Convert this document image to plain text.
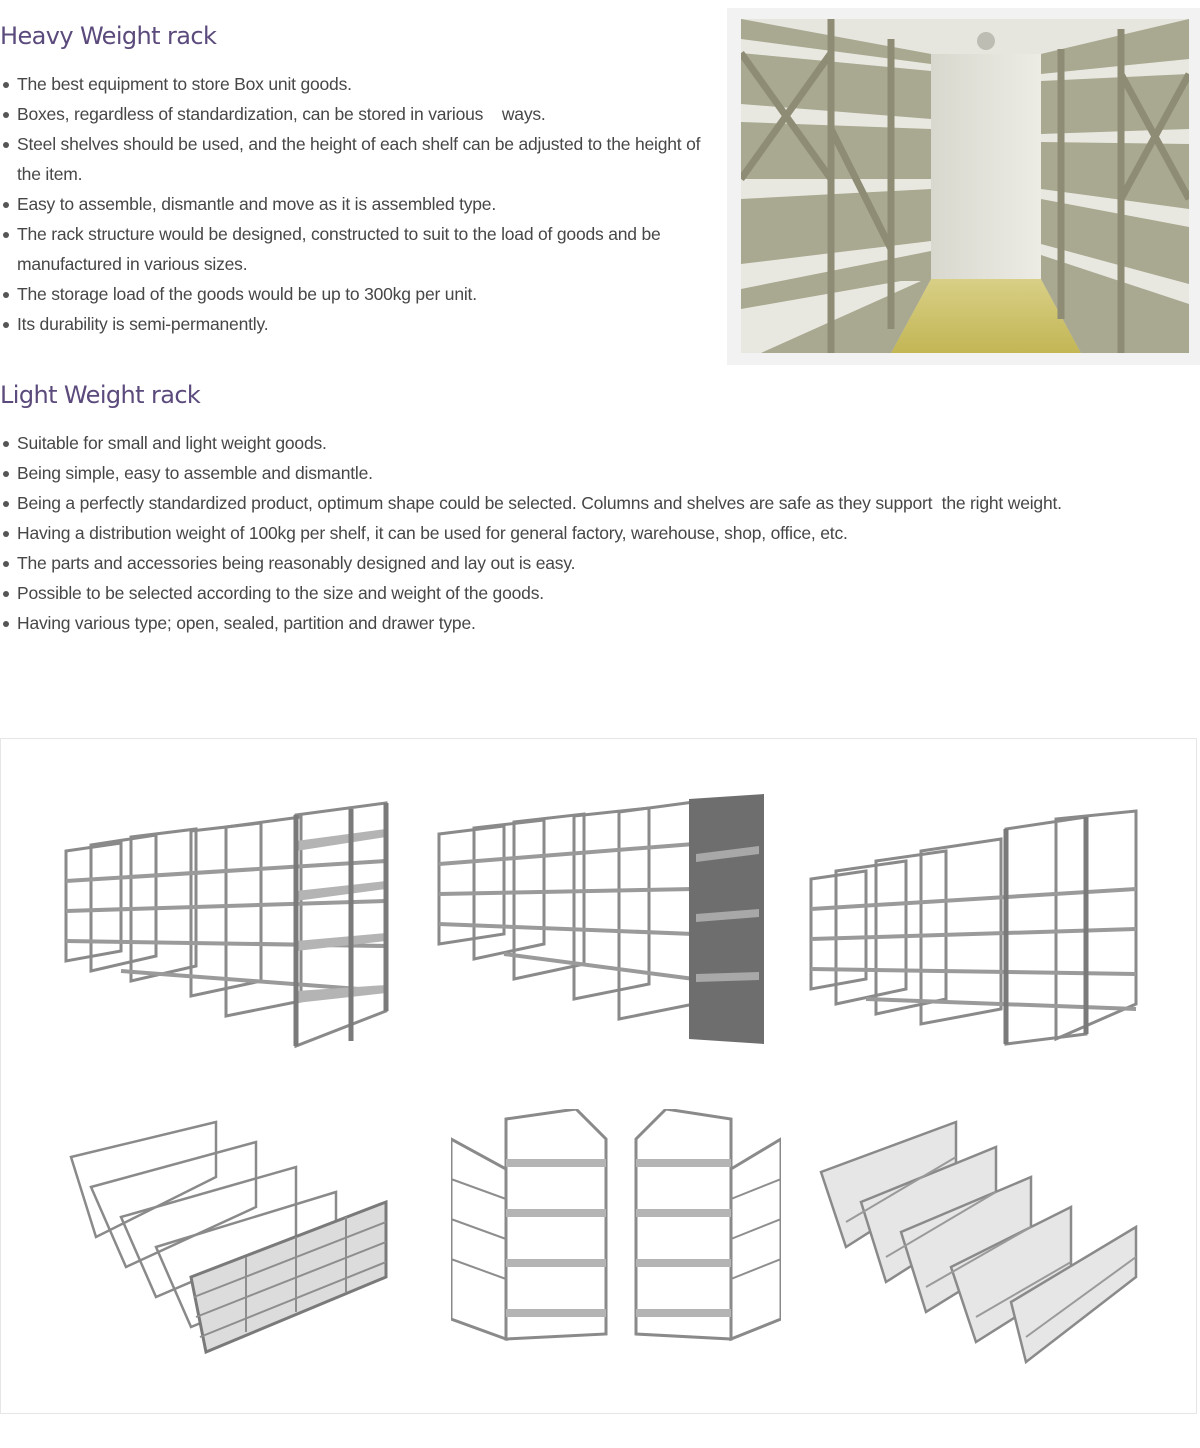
Heavy Weight rack
The best equipment to store Box unit goods.
Boxes, regardless of standardization, can be stored in various    ways.
Steel shelves should be used, and the height of each shelf can be adjusted to the height of the item.
Easy to assemble, dismantle and move as it is assembled type.
The rack structure would be designed, constructed to suit to the load of goods and be manufactured in various sizes.
The storage load of the goods would be up to 300kg per unit.
Its durability is semi-permanently.
Light Weight rack
Suitable for small and light weight goods.
Being simple, easy to assemble and dismantle.
Being a perfectly standardized product, optimum shape could be selected. Columns and shelves are safe as they support  the right weight.
Having a distribution weight of 100kg per shelf, it can be used for general factory, warehouse, shop, office, etc.
The parts and accessories being reasonably designed and lay out is easy.
Possible to be selected according to the size and weight of the goods.
Having various type; open, sealed, partition and drawer type.
